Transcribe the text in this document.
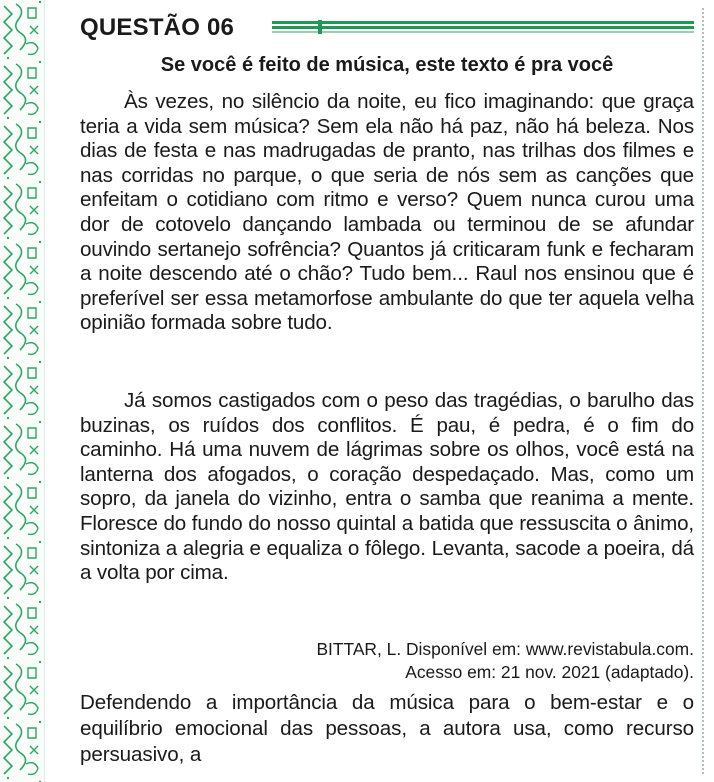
QUESTÃO 06
Se você é feito de música, este texto é pra você

Às vezes, no silêncio da noite, eu fico imaginando: que graça teria a vida sem música? Sem ela não há paz, não há beleza. Nos dias de festa e nas madrugadas de pranto, nas trilhas dos filmes e nas corridas no parque, o que seria de nós sem as canções que enfeitam o cotidiano com ritmo e verso? Quem nunca curou uma dor de cotovelo dançando lambada ou terminou de se afundar ouvindo sertanejo sofrência? Quantos já criticaram funk e fecharam a noite descendo até o chão? Tudo bem... Raul nos ensinou que é preferível ser essa metamorfose ambulante do que ter aquela velha opinião formada sobre tudo.

Já somos castigados com o peso das tragédias, o barulho das buzinas, os ruídos dos conflitos. É pau, é pedra, é o fim do caminho. Há uma nuvem de lágrimas sobre os olhos, você está na lanterna dos afogados, o coração despedaçado. Mas, como um sopro, da janela do vizinho, entra o samba que reanima a mente. Floresce do fundo do nosso quintal a batida que ressuscita o ânimo, sintoniza a alegria e equaliza o fôlego. Levanta, sacode a poeira, dá a volta por cima.

BITTAR, L. Disponível em: www.revistabula.com.
Acesso em: 21 nov. 2021 (adaptado).
Defendendo a importância da música para o bem-estar e o equilíbrio emocional das pessoas, a autora usa, como recurso persuasivo, a
